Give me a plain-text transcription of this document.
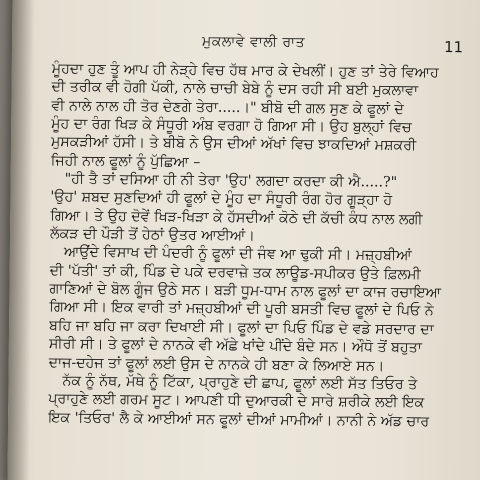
ਮੁਕਲਾਵੇ ਵਾਲੀ ਰਾਤ	11
ਮੂੰਹਦਾ ਹੁਣ ਤੂੰ ਆਪ ਹੀ ਨੇੜ੍ਹੇ ਵਿਚ ਹੱਥ ਮਾਰ ਕੇ ਦੇਖਲੀਂ। ਹੁਣ ਤਾਂ ਤੇਰੇ ਵਿਆਹ
ਦੀ ਤਰੀਕ ਵੀ ਹੋਗੀ ਪੱਕੀ, ਨਾਲੇ ਚਾਚੀ ਬੇਬੇ ਨੂੰ ਦਸ ਰਹੀ ਸੀ ਬਈ ਮੁਕਲਾਵਾ
ਵੀ ਨਾਲੇ ਨਾਲ ਹੀ ਤੋਰ ਦੇਣਗੇ ਤੇਰਾ.....।" ਬੀਬੋ ਦੀ ਗਲ ਸੁਣ ਕੇ ਫੂਲਾਂ ਦੇ
ਮੂੰਹ ਦਾ ਰੰਗ ਖਿੜ ਕੇ ਸੰਧੂਰੀ ਅੰਬ ਵਰਗਾ ਹੋ ਗਿਆ ਸੀ। ਉਹ ਬੁਲ੍ਹਾਂ ਵਿਚ
ਮੁਸਕੜੀਆਂ ਹੱਸੀ। ਤੇ ਬੀਬੋ ਨੇ ਉਸ ਦੀਆਂ ਅੱਖਾਂ ਵਿਚ ਝਾਕਦਿਆਂ ਮਸ਼ਕਰੀ
ਜਿਹੀ ਨਾਲ ਫੂਲਾਂ ਨੂੰ ਪੁੱਛਿਆ –
"ਹੀ ਤੈ ਤਾਂ ਦਸਿਆ ਹੀ ਨੀ ਤੇਰਾ 'ਉਹ' ਲਗਦਾ ਕਰਦਾ ਕੀ ਐ.....?"
'ਉਹ' ਸ਼ਬਦ ਸੁਣਦਿਆਂ ਹੀ ਫੂਲਾਂ ਦੇ ਮੂੰਹ ਦਾ ਸੰਧੂਰੀ ਰੰਗ ਹੋਰ ਗੂੜ੍ਹਾ ਹੋ
ਗਿਆ। ਤੇ ਉਹ ਦੋਵੇਂ ਖਿੜ-ਖਿੜਾ ਕੇ ਹੱਸਦੀਆਂ ਕੋਠੇ ਦੀ ਕੱਚੀ ਕੰਧ ਨਾਲ ਲਗੀ
ਲੱਕੜ ਦੀ ਪੌੜੀ ਤੋਂ ਹੇਠਾਂ ਉਤਰ ਆਈਆਂ।
ਆਉਂਦੇ ਵਿਸਾਖ ਦੀ ਪੰਦਰੀ ਨੂੰ ਫੂਲਾਂ ਦੀ ਜੰਞ ਆ ਢੁਕੀ ਸੀ। ਮਜ਼੍ਹਬੀਆਂ
ਦੀ 'ਪੱਤੀ' ਤਾਂ ਕੀ, ਪਿੰਡ ਦੇ ਪਕੇ ਦਰਵਾਜ਼ੇ ਤਕ ਲਾਊਡ-ਸਪੀਕਰ ਉਤੇ ਫ਼ਿਲਮੀ
ਗਾਣਿਆਂ ਦੇ ਬੋਲ ਗੂੰਜ ਉਠੇ ਸਨ। ਬੜੀ ਧੂਮ-ਧਾਮ ਨਾਲ ਫੂਲਾਂ ਦਾ ਕਾਜ ਰਚਾਇਆ
ਗਿਆ ਸੀ। ਇਕ ਵਾਰੀ ਤਾਂ ਮਜ਼੍ਹਬੀਆਂ ਦੀ ਪੂਰੀ ਬਸਤੀ ਵਿਚ ਫੂਲਾਂ ਦੇ ਪਿਓ ਨੇ
ਬਹਿ ਜਾ ਬਹਿ ਜਾ ਕਰਾ ਦਿਖਾਈ ਸੀ। ਫੂਲਾਂ ਦਾ ਪਿਓ ਪਿੰਡ ਦੇ ਵਡੇ ਸਰਦਾਰ ਦਾ
ਸੀਰੀ ਸੀ। ਤੇ ਫੂਲਾਂ ਦੇ ਨਾਨਕੇ ਵੀ ਅੱਛੇ ਖਾਂਦੇ ਪੀਂਦੇ ਬੰਦੇ ਸਨ। ਔਧੋ ਤੋਂ ਬਹੁਤਾ
ਦਾਜ-ਦਹੇਜ ਤਾਂ ਫੂਲਾਂ ਲਈ ਉਸ ਦੇ ਨਾਨਕੇ ਹੀ ਬਣਾ ਕੇ ਲਿਆਏ ਸਨ।
ਨੱਕ ਨੂੰ ਨੱਥ, ਮੱਥੇ ਨੂੰ ਟਿੱਕਾ, ਪ੍ਰਾਹੁਣੇ ਦੀ ਛਾਪ, ਫੂਲਾਂ ਲਈ ਸੱਤ ਤਿਓਰ ਤੇ
ਪ੍ਰਾਹੁਣੇ ਲਈ ਗਰਮ ਸੂਟ। ਆਪਣੀ ਧੀ ਦੁਆਰਕੀ ਦੇ ਸਾਰੇ ਸ਼ਰੀਕੇ ਲਈ ਇਕ
ਇਕ 'ਤਿਓਰ' ਲੈ ਕੇ ਆਈਆਂ ਸਨ ਫੂਲਾਂ ਦੀਆਂ ਮਾਮੀਆਂ। ਨਾਨੀ ਨੇ ਅੱਡ ਚਾਰ
